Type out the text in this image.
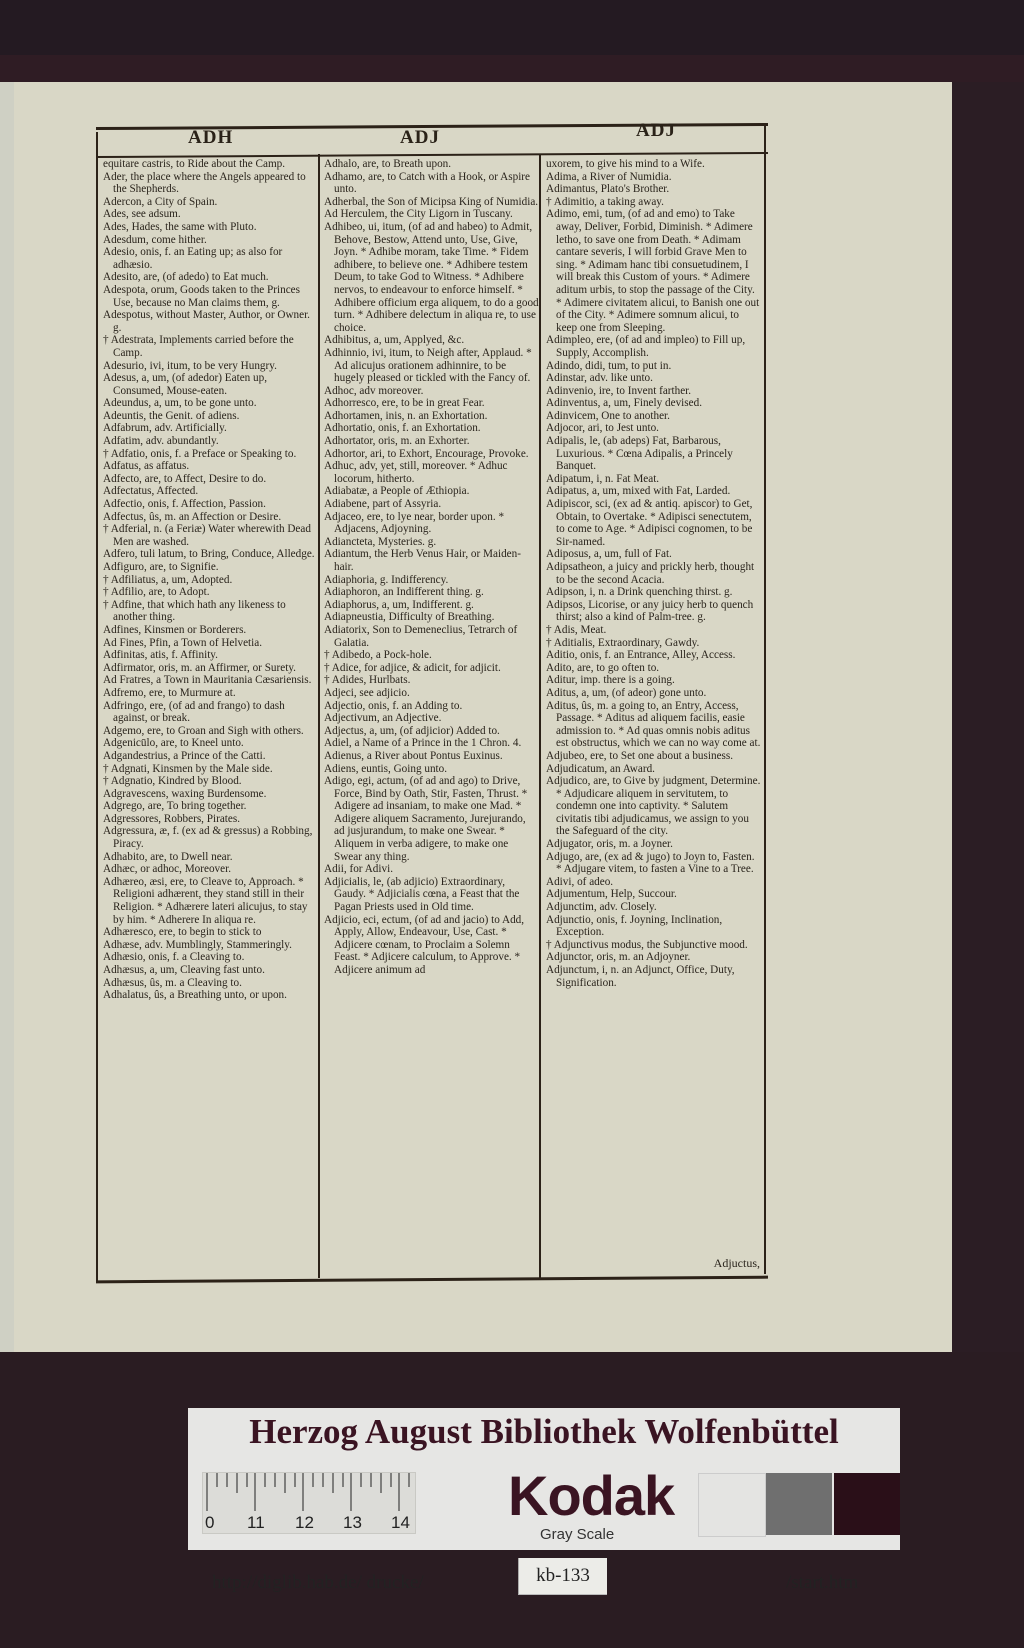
ADH	ADJ	ADJ

equitare castris, to Ride about the Camp.

Ader, the place where the Angels appeared to the Shepherds.

Adercon, a City of Spain.

Ades, see adsum.

Ades, Hades, the same with Pluto.

Adesdum, come hither.

Adesio, onis, f. an Eating up; as also for adhæsio.

Adesito, are, (of adedo) to Eat much.

Adespota, orum, Goods taken to the Princes Use, because no Man claims them, g.

Adespotus, without Master, Author, or Owner. g.

† Adestrata, Implements carried before the Camp.

Adesurio, ivi, itum, to be very Hungry.

Adesus, a, um, (of adedor) Eaten up, Consumed, Mouse-eaten.

Adeundus, a, um, to be gone unto.

Adeuntis, the Genit. of adiens.

Adfabrum, adv. Artificially.

Adfatim, adv. abundantly.

† Adfatio, onis, f. a Preface or Speaking to.

Adfatus, as affatus.

Adfecto, are, to Affect, Desire to do.

Adfectatus, Affected.

Adfectio, onis, f. Affection, Passion.

Adfectus, ûs, m. an Affection or Desire.

† Adferial, n. (a Feriæ) Water wherewith Dead Men are washed.

Adfero, tuli latum, to Bring, Conduce, Alledge.

Adfiguro, are, to Signifie.

† Adfiliatus, a, um, Adopted.

† Adfilio, are, to Adopt.

† Adfine, that which hath any likeness to another thing.

Adfines, Kinsmen or Borderers.

Ad Fines, Pfin, a Town of Helvetia.

Adfinitas, atis, f. Affinity.

Adfirmator, oris, m. an Affirmer, or Surety.

Ad Fratres, a Town in Mauritania Cæsariensis.

Adfremo, ere, to Murmure at.

Adfringo, ere, (of ad and frango) to dash against, or break.

Adgemo, ere, to Groan and Sigh with others.

Adgenicūlo, are, to Kneel unto.

Adgandestrius, a Prince of the Catti.

† Adgnati, Kinsmen by the Male side.

† Adgnatio, Kindred by Blood.

Adgravescens, waxing Burdensome.

Adgrego, are, To bring together.

Adgressores, Robbers, Pirates.

Adgressura, æ, f. (ex ad & gressus) a Robbing, Piracy.

Adhabito, are, to Dwell near.

Adhæc, or adhoc, Moreover.

Adhæreo, æsi, ere, to Cleave to, Approach. * Religioni adhærent, they stand still in their Religion. * Adhærere lateri alicujus, to stay by him. * Adherere In aliqua re.

Adhæresco, ere, to begin to stick to

Adhæse, adv. Mumblingly, Stammeringly.

Adhæsio, onis, f. a Cleaving to.

Adhæsus, a, um, Cleaving fast unto.

Adhæsus, ûs, m. a Cleaving to.

Adhalatus, ûs, a Breathing unto, or upon.

Adhalo, are, to Breath upon.

Adhamo, are, to Catch with a Hook, or Aspire unto.

Adherbal, the Son of Micipsa King of Numidia.

Ad Herculem, the City Ligorn in Tuscany.

Adhibeo, ui, itum, (of ad and habeo) to Admit, Behove, Bestow, Attend unto, Use, Give, Joyn. * Adhibe moram, take Time. * Fidem adhibere, to believe one. * Adhibere testem Deum, to take God to Witness. * Adhibere nervos, to endeavour to enforce himself. * Adhibere officium erga aliquem, to do a good turn. * Adhibere delectum in aliqua re, to use choice.

Adhibitus, a, um, Applyed, &c.

Adhinnio, ivi, itum, to Neigh after, Applaud. * Ad alicujus orationem adhinnire, to be hugely pleased or tickled with the Fancy of.

Adhoc, adv moreover.

Adhorresco, ere, to be in great Fear.

Adhortamen, inis, n. an Exhortation.

Adhortatio, onis, f. an Exhortation.

Adhortator, oris, m. an Exhorter.

Adhortor, ari, to Exhort, Encourage, Provoke.

Adhuc, adv, yet, still, moreover. * Adhuc locorum, hitherto.

Adiabatæ, a People of Æthiopia.

Adiabene, part of Assyria.

Adjaceo, ere, to lye near, border upon. * Adjacens, Adjoyning.

Adiancteta, Mysteries. g.

Adiantum, the Herb Venus Hair, or Maiden-hair.

Adiaphoria, g. Indifferency.

Adiaphoron, an Indifferent thing. g.

Adiaphorus, a, um, Indifferent. g.

Adiapneustia, Difficulty of Breathing.

Adiatorix, Son to Demeneclius, Tetrarch of Galatia.

† Adibedo, a Pock-hole.

† Adice, for adjice, & adicit, for adjicit.

† Adides, Hurlbats.

Adjeci, see adjicio.

Adjectio, onis, f. an Adding to.

Adjectivum, an Adjective.

Adjectus, a, um, (of adjicior) Added to.

Adiel, a Name of a Prince in the 1 Chron. 4.

Adienus, a River about Pontus Euxinus.

Adiens, euntis, Going unto.

Adigo, egi, actum, (of ad and ago) to Drive, Force, Bind by Oath, Stir, Fasten, Thrust. * Adigere ad insaniam, to make one Mad. * Adigere aliquem Sacramento, Jurejurando, ad jusjurandum, to make one Swear. * Aliquem in verba adigere, to make one Swear any thing.

Adii, for Adivi.

Adjicialis, le, (ab adjicio) Extraordinary, Gaudy. * Adjicialis cœna, a Feast that the Pagan Priests used in Old time.

Adjicio, eci, ectum, (of ad and jacio) to Add, Apply, Allow, Endeavour, Use, Cast. * Adjicere cœnam, to Proclaim a Solemn Feast. * Adjicere calculum, to Approve. * Adjicere animum ad

uxorem, to give his mind to a Wife.

Adima, a River of Numidia.

Adimantus, Plato's Brother.

† Adimitio, a taking away.

Adimo, emi, tum, (of ad and emo) to Take away, Deliver, Forbid, Diminish. * Adimere letho, to save one from Death. * Adimam cantare severis, I will forbid Grave Men to sing. * Adimam hanc tibi consuetudinem, I will break this Custom of yours. * Adimere aditum urbis, to stop the passage of the City. * Adimere civitatem alicui, to Banish one out of the City. * Adimere somnum alicui, to keep one from Sleeping.

Adimpleo, ere, (of ad and impleo) to Fill up, Supply, Accomplish.

Adindo, didi, tum, to put in.

Adinstar, adv. like unto.

Adinvenio, ire, to Invent farther.

Adinventus, a, um, Finely devised.

Adinvicem, One to another.

Adjocor, ari, to Jest unto.

Adipalis, le, (ab adeps) Fat, Barbarous, Luxurious. * Cœna Adipalis, a Princely Banquet.

Adipatum, i, n. Fat Meat.

Adipatus, a, um, mixed with Fat, Larded.

Adipiscor, sci, (ex ad & antiq. apiscor) to Get, Obtain, to Overtake. * Adipisci senectutem, to come to Age. * Adipisci cognomen, to be Sir-named.

Adiposus, a, um, full of Fat.

Adipsatheon, a juicy and prickly herb, thought to be the second Acacia.

Adipson, i, n. a Drink quenching thirst. g.

Adipsos, Licorise, or any juicy herb to quench thirst; also a kind of Palm-tree. g.

† Adis, Meat.

† Aditialis, Extraordinary, Gawdy.

Aditio, onis, f. an Entrance, Alley, Access.

Adito, are, to go often to.

Aditur, imp. there is a going.

Aditus, a, um, (of adeor) gone unto.

Aditus, ûs, m. a going to, an Entry, Access, Passage. * Aditus ad aliquem facilis, easie admission to. * Ad quas omnis nobis aditus est obstructus, which we can no way come at.

Adjubeo, ere, to Set one about a business.

Adjudicatum, an Award.

Adjudico, are, to Give by judgment, Determine. * Adjudicare aliquem in servitutem, to condemn one into captivity. * Salutem civitatis tibi adjudicamus, we assign to you the Safeguard of the city.

Adjugator, oris, m. a Joyner.

Adjugo, are, (ex ad & jugo) to Joyn to, Fasten. * Adjugare vitem, to fasten a Vine to a Tree.

Adivi, of adeo.

Adjumentum, Help, Succour.

Adjunctim, adv. Closely.

Adjunctio, onis, f. Joyning, Inclination, Exception.

† Adjunctivus modus, the Subjunctive mood.

Adjunctor, oris, m. an Adjoyner.

Adjunctum, i, n. an Adjunct, Office, Duty, Signification.

Adjuctus,
Herzog August Bibliothek Wolfenbüttel
0 11 12 13 14 Kodak
Gray Scale
http://diglib.hab.de/ drucke/	kb-133	/start.htm
